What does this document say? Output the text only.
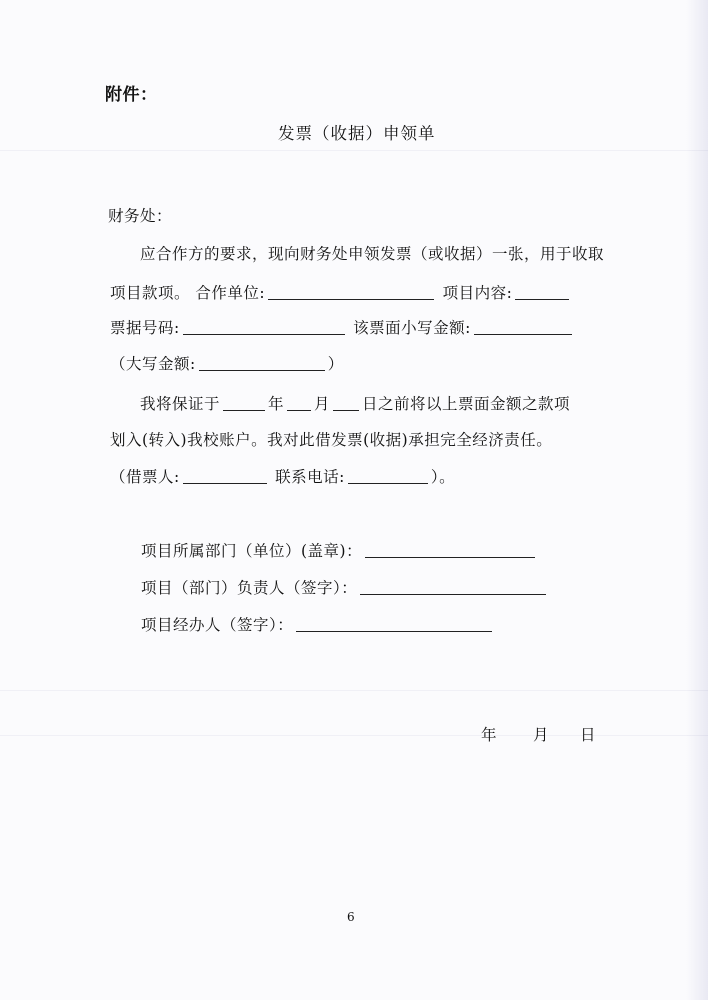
附件：
发票（收据）申领单
财务处：
应合作方的要求，现向财务处申领发票（或收据）一张，用于收取
项目款项。 合作单位:	项目内容:
票据号码:	该票面小写金额:
（大写金额:	）
我将保证于	年 月 日之前将以上票面金额之款项
划入(转入)我校账户。我对此借发票(收据)承担完全经济责任。
（借票人:	联系电话:	）。
项目所属部门（单位）(盖章)：
项目（部门）负责人（签字）：
项目经办人（签字）：
年 月 日
6
